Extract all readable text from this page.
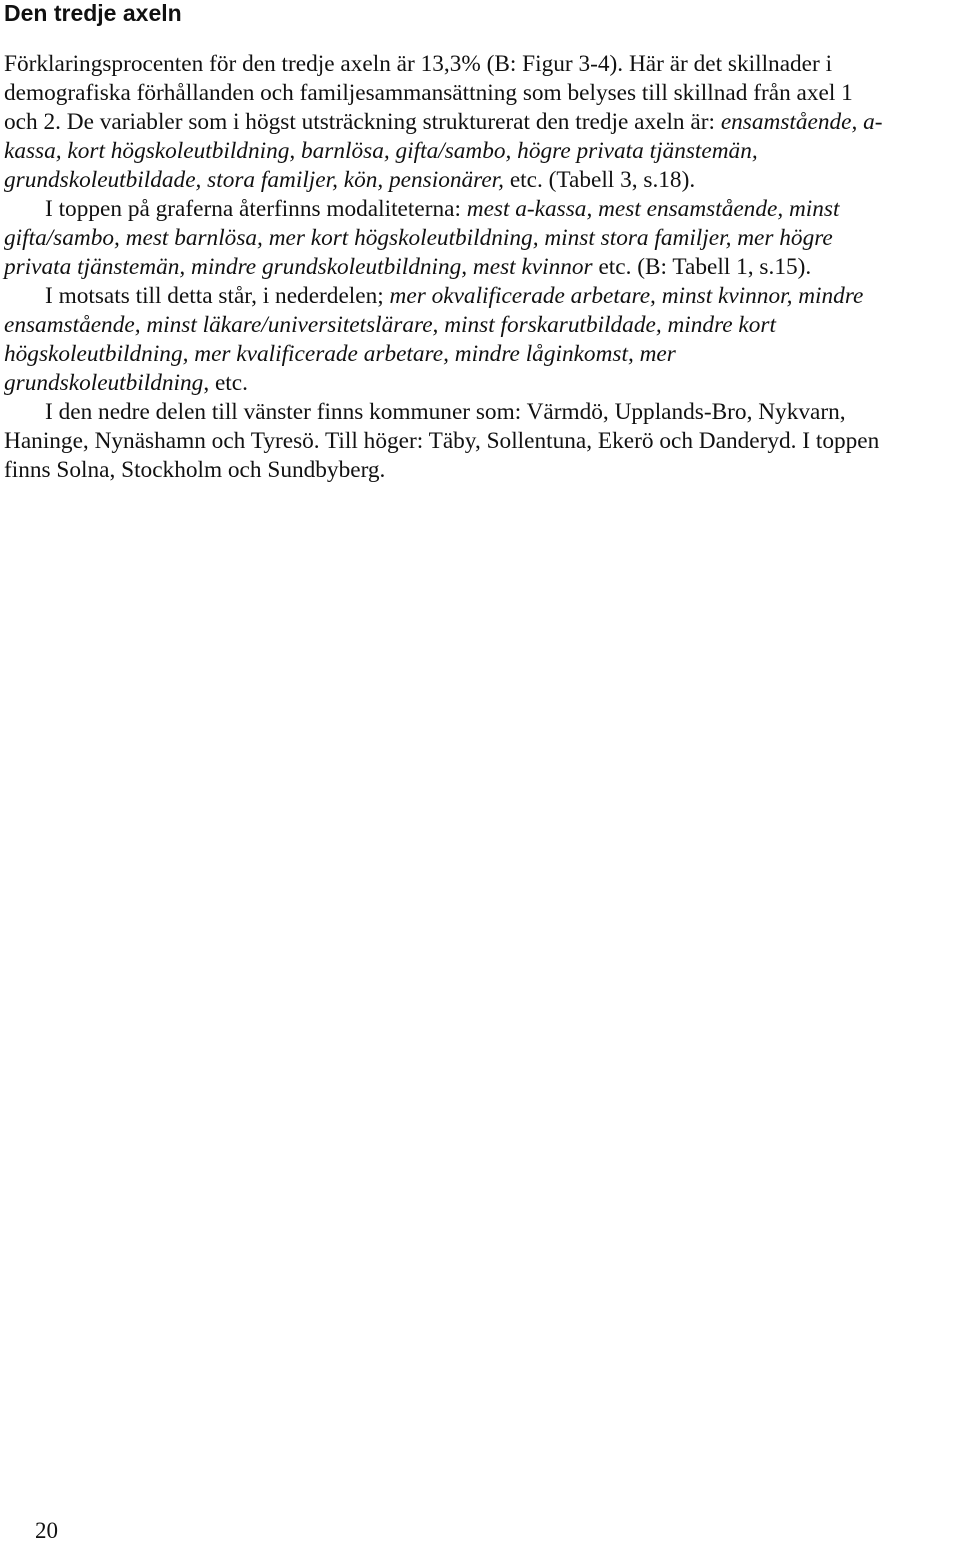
Den tredje axeln

Förklaringsprocenten för den tredje axeln är 13,3% (B: Figur 3-4). Här är det skillnader i

demografiska förhållanden och familjesammansättning som belyses till skillnad från axel 1

och 2. De variabler som i högst utsträckning strukturerat den tredje axeln är: ensamstående, a-

kassa, kort högskoleutbildning, barnlösa, gifta/sambo, högre privata tjänstemän,

grundskoleutbildade, stora familjer, kön, pensionärer, etc. (Tabell 3, s.18).

I toppen på graferna återfinns modaliteterna: mest a-kassa, mest ensamstående, minst

gifta/sambo, mest barnlösa, mer kort högskoleutbildning, minst stora familjer, mer högre

privata tjänstemän, mindre grundskoleutbildning, mest kvinnor etc. (B: Tabell 1, s.15).

I motsats till detta står, i nederdelen; mer okvalificerade arbetare, minst kvinnor, mindre

ensamstående, minst läkare/universitetslärare, minst forskarutbildade, mindre kort

högskoleutbildning, mer kvalificerade arbetare, mindre låginkomst, mer

grundskoleutbildning, etc.

I den nedre delen till vänster finns kommuner som: Värmdö, Upplands-Bro, Nykvarn,

Haninge, Nynäshamn och Tyresö. Till höger: Täby, Sollentuna, Ekerö och Danderyd. I toppen

finns Solna, Stockholm och Sundbyberg.

20
